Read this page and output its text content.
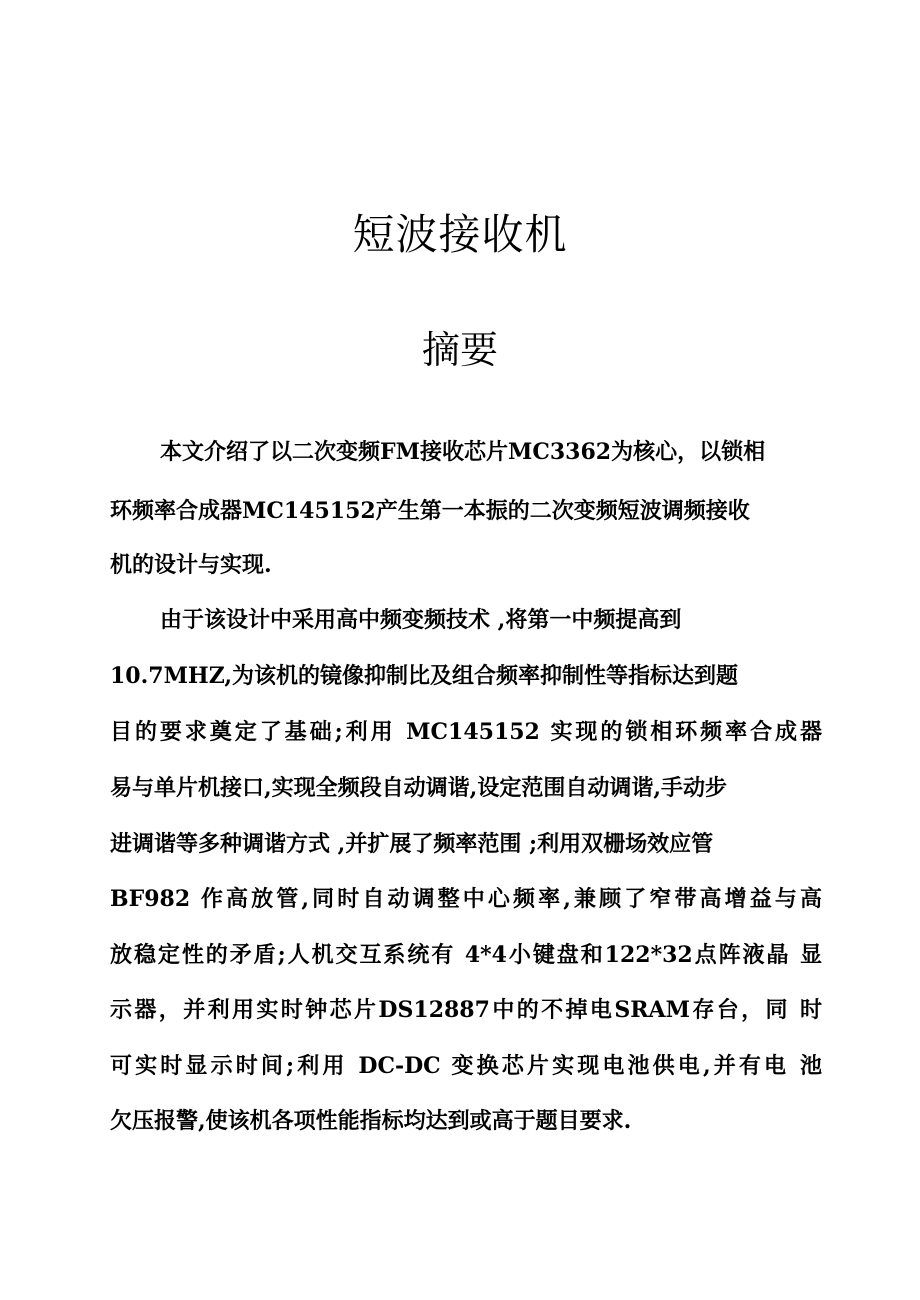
短波接收机
摘要
本文介绍了以二次变频FM接收芯片MC3362为核心，以锁相
环频率合成器MC145152产生第一本振的二次变频短波调频接收
机的设计与实现.
由于该设计中采用高中频变频技术 ,将第一中频提高到
10.7MHZ,为该机的镜像抑制比及组合频率抑制性等指标达到题
目的要求奠定了基础;利用 MC145152 实现的锁相环频率合成器
易与单片机接口,实现全频段自动调谐,设定范围自动调谐,手动步
进调谐等多种调谐方式 ,并扩展了频率范围 ;利用双栅场效应管
BF982 作高放管,同时自动调整中心频率,兼顾了窄带高增益与高
放稳定性的矛盾;人机交互系统有 4*4小键盘和122*32点阵液晶 显
示器，并利用实时钟芯片DS12887中的不掉电SRAM存台，同 时
可实时显示时间;利用 DC-DC 变换芯片实现电池供电,并有电 池
欠压报警,使该机各项性能指标均达到或高于题目要求.
